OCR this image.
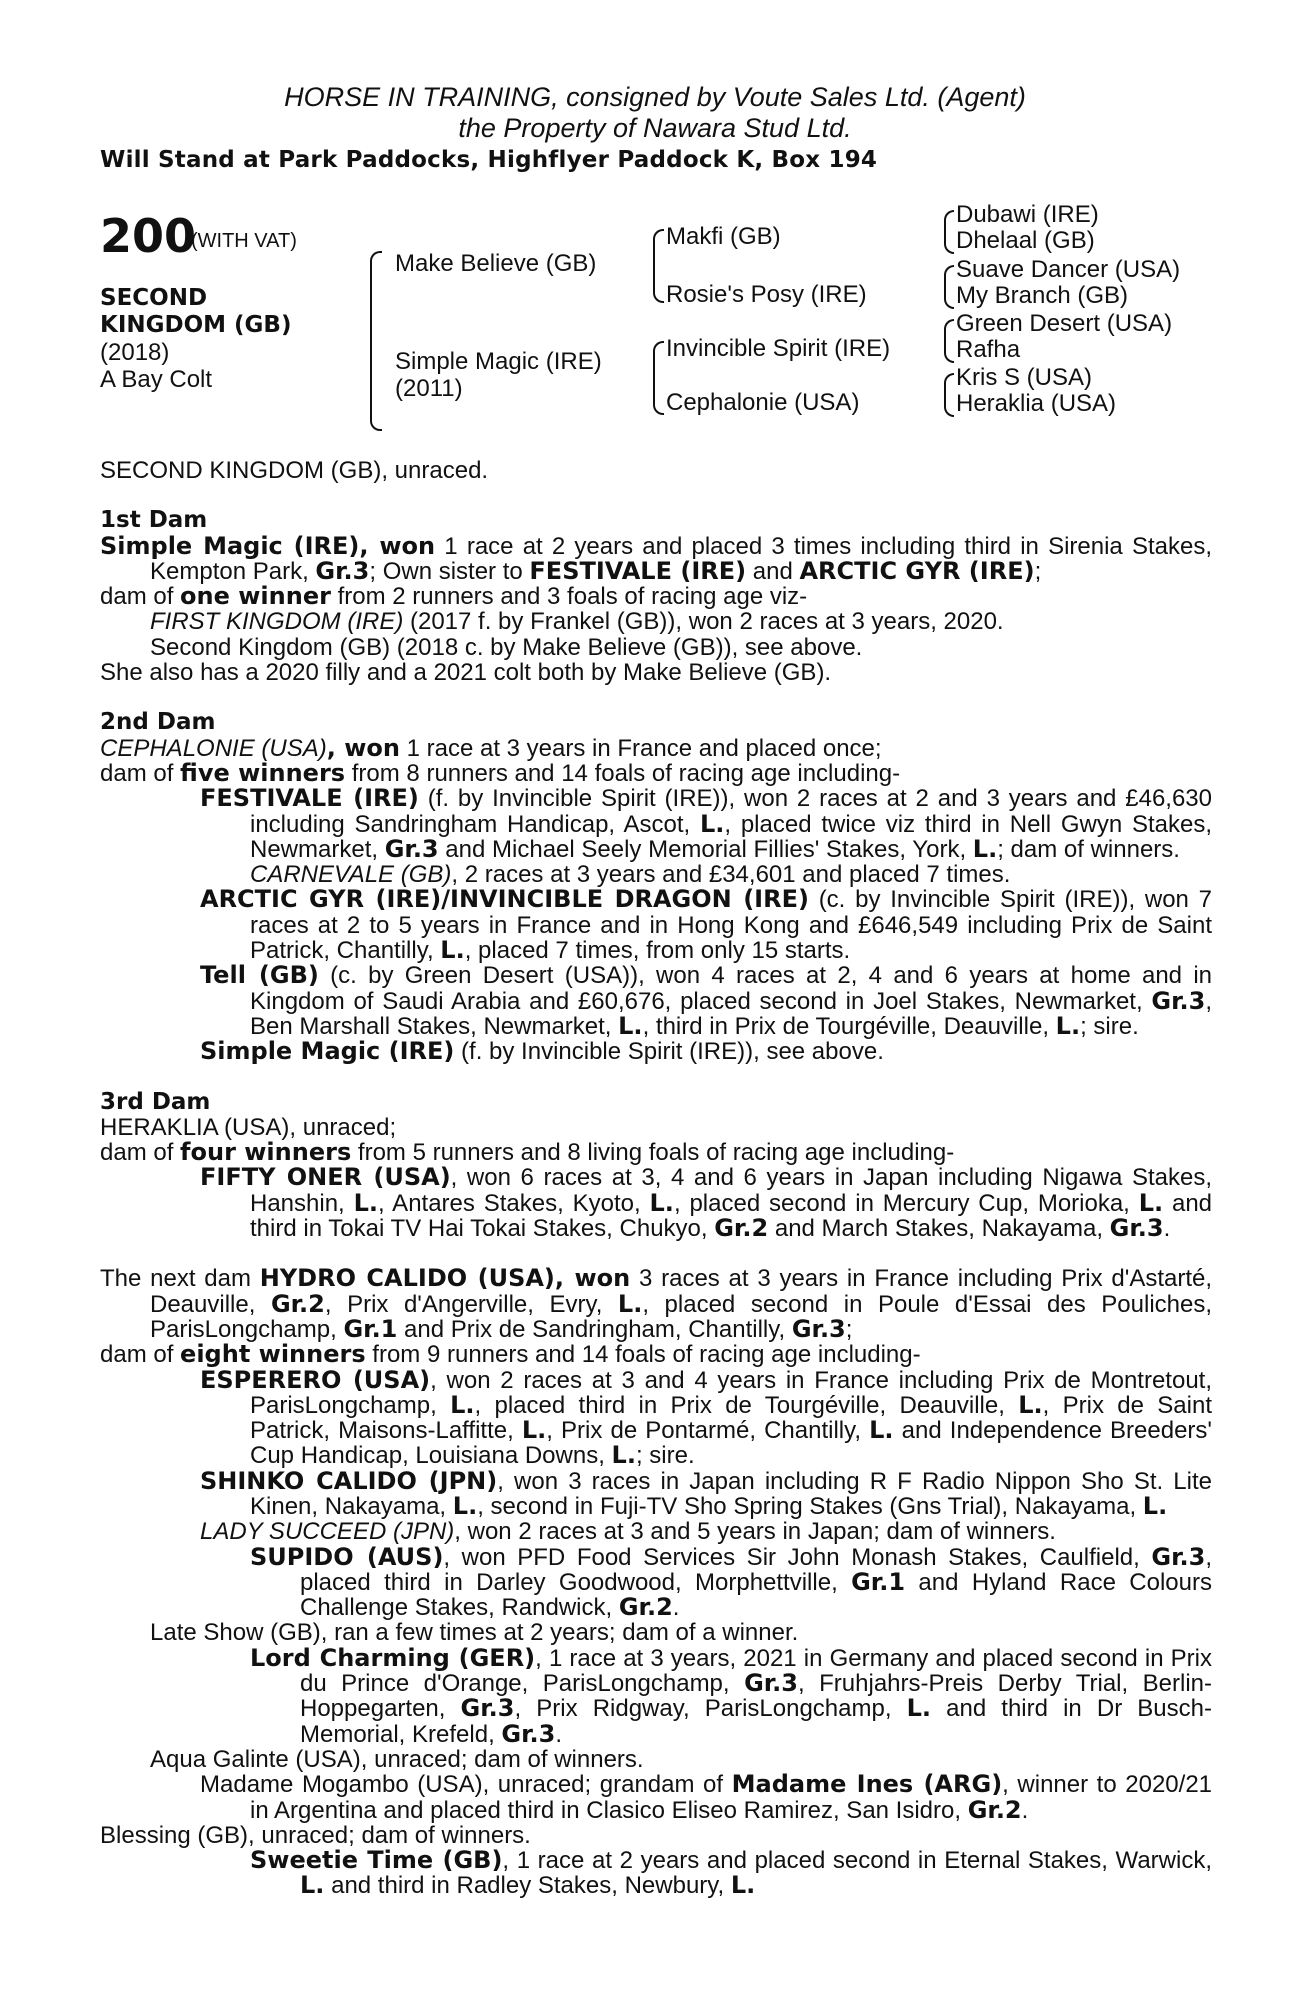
HORSE IN TRAINING, consigned by Voute Sales Ltd. (Agent)
the Property of Nawara Stud Ltd.
Will Stand at Park Paddocks, Highflyer Paddock K, Box 194
200
(WITH VAT)
SECOND
KINGDOM (GB)
(2018)
A Bay Colt
Make Believe (GB)
Simple Magic (IRE)
(2011)
Makfi (GB)
Rosie's Posy (IRE)
Invincible Spirit (IRE)
Cephalonie (USA)
Dubawi (IRE)
Dhelaal (GB)
Suave Dancer (USA)
My Branch (GB)
Green Desert (USA)
Rafha
Kris S (USA)
Heraklia (USA)

SECOND KINGDOM (GB), unraced.

1st Dam

Simple Magic (IRE), won 1 race at 2 years and placed 3 times including third in Sirenia Stakes, Kempton Park, Gr.3; Own sister to FESTIVALE (IRE) and ARCTIC GYR (IRE);

dam of one winner from 2 runners and 3 foals of racing age viz-

FIRST KINGDOM (IRE) (2017 f. by Frankel (GB)), won 2 races at 3 years, 2020.

Second Kingdom (GB) (2018 c. by Make Believe (GB)), see above.

She also has a 2020 filly and a 2021 colt both by Make Believe (GB).

2nd Dam

CEPHALONIE (USA), won 1 race at 3 years in France and placed once;

dam of five winners from 8 runners and 14 foals of racing age including-

FESTIVALE (IRE) (f. by Invincible Spirit (IRE)), won 2 races at 2 and 3 years and £46,630 including Sandringham Handicap, Ascot, L., placed twice viz third in Nell Gwyn Stakes, Newmarket, Gr.3 and Michael Seely Memorial Fillies' Stakes, York, L.; dam of winners.

CARNEVALE (GB), 2 races at 3 years and £34,601 and placed 7 times.

ARCTIC GYR (IRE)/INVINCIBLE DRAGON (IRE) (c. by Invincible Spirit (IRE)), won 7 races at 2 to 5 years in France and in Hong Kong and £646,549 including Prix de Saint Patrick, Chantilly, L., placed 7 times, from only 15 starts.

Tell (GB) (c. by Green Desert (USA)), won 4 races at 2, 4 and 6 years at home and in Kingdom of Saudi Arabia and £60,676, placed second in Joel Stakes, Newmarket, Gr.3, Ben Marshall Stakes, Newmarket, L., third in Prix de Tourgéville, Deauville, L.; sire.

Simple Magic (IRE) (f. by Invincible Spirit (IRE)), see above.

3rd Dam

HERAKLIA (USA), unraced;

dam of four winners from 5 runners and 8 living foals of racing age including-

FIFTY ONER (USA), won 6 races at 3, 4 and 6 years in Japan including Nigawa Stakes, Hanshin, L., Antares Stakes, Kyoto, L., placed second in Mercury Cup, Morioka, L. and third in Tokai TV Hai Tokai Stakes, Chukyo, Gr.2 and March Stakes, Nakayama, Gr.3.

The next dam HYDRO CALIDO (USA), won 3 races at 3 years in France including Prix d'Astarté, Deauville, Gr.2, Prix d'Angerville, Evry, L., placed second in Poule d'Essai des Pouliches, ParisLongchamp, Gr.1 and Prix de Sandringham, Chantilly, Gr.3;

dam of eight winners from 9 runners and 14 foals of racing age including-

ESPERERO (USA), won 2 races at 3 and 4 years in France including Prix de Montretout, ParisLongchamp, L., placed third in Prix de Tourgéville, Deauville, L., Prix de Saint Patrick, Maisons-Laffitte, L., Prix de Pontarmé, Chantilly, L. and Independence Breeders' Cup Handicap, Louisiana Downs, L.; sire.

SHINKO CALIDO (JPN), won 3 races in Japan including R F Radio Nippon Sho St. Lite Kinen, Nakayama, L., second in Fuji-TV Sho Spring Stakes (Gns Trial), Nakayama, L.

LADY SUCCEED (JPN), won 2 races at 3 and 5 years in Japan; dam of winners.

SUPIDO (AUS), won PFD Food Services Sir John Monash Stakes, Caulfield, Gr.3, placed third in Darley Goodwood, Morphettville, Gr.1 and Hyland Race Colours Challenge Stakes, Randwick, Gr.2.

Late Show (GB), ran a few times at 2 years; dam of a winner.

Lord Charming (GER), 1 race at 3 years, 2021 in Germany and placed second in Prix du Prince d'Orange, ParisLongchamp, Gr.3, Fruhjahrs-Preis Derby Trial, Berlin-Hoppegarten, Gr.3, Prix Ridgway, ParisLongchamp, L. and third in Dr Busch-Memorial, Krefeld, Gr.3.

Aqua Galinte (USA), unraced; dam of winners.

Madame Mogambo (USA), unraced; grandam of Madame Ines (ARG), winner to 2020/21 in Argentina and placed third in Clasico Eliseo Ramirez, San Isidro, Gr.2.

Blessing (GB), unraced; dam of winners.

Sweetie Time (GB), 1 race at 2 years and placed second in Eternal Stakes, Warwick, L. and third in Radley Stakes, Newbury, L.
